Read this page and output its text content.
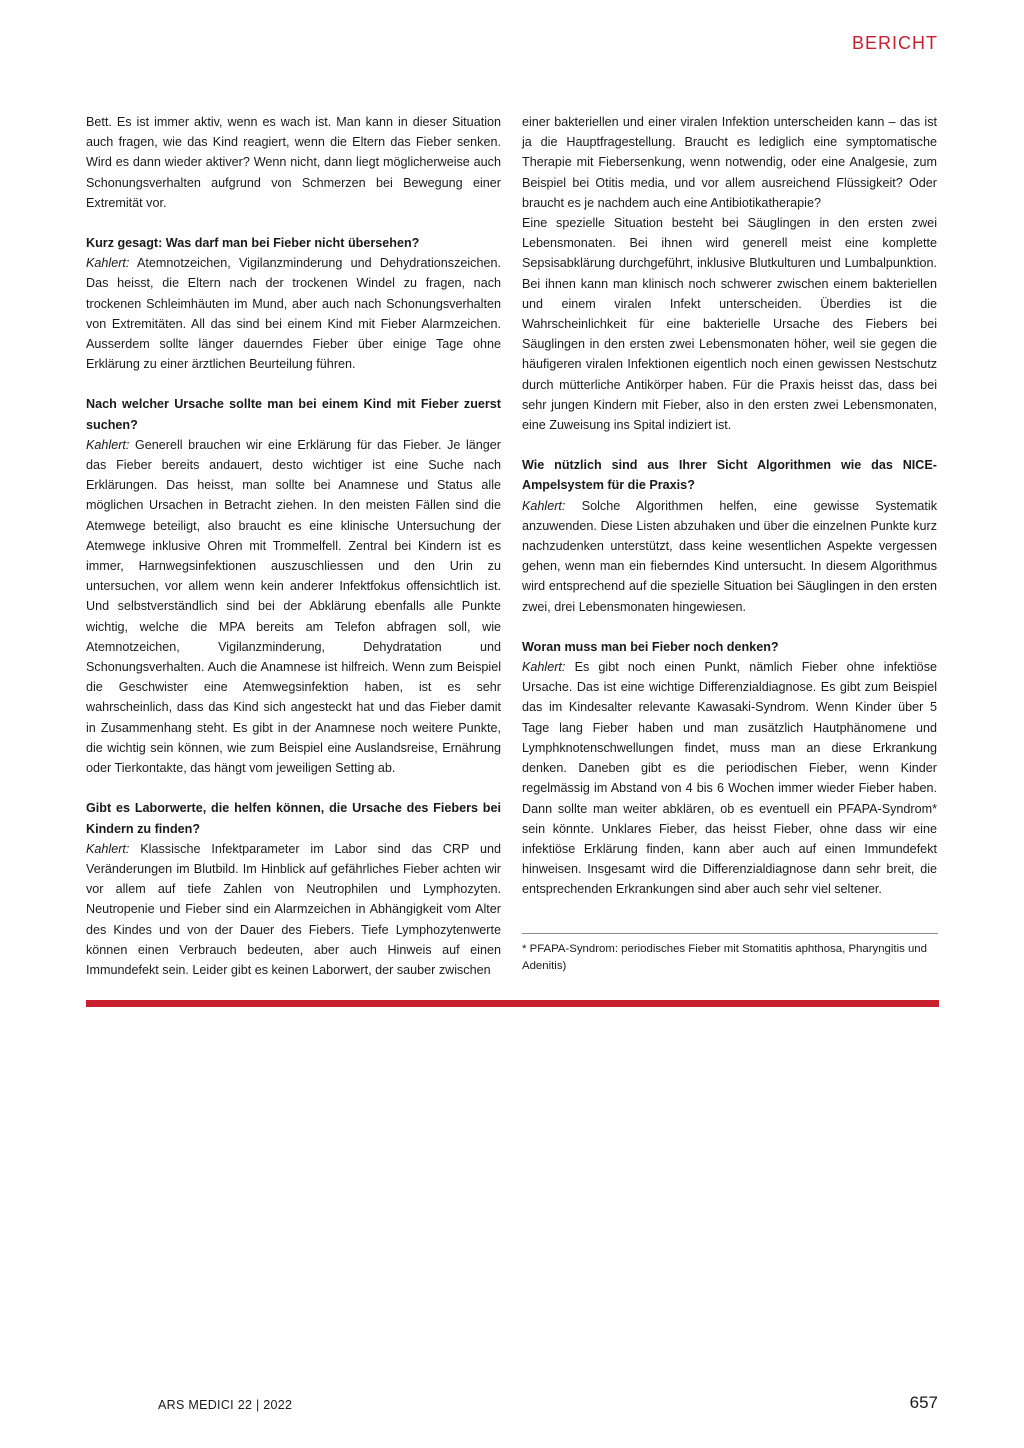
BERICHT

Bett. Es ist immer aktiv, wenn es wach ist. Man kann in dieser Situation auch fragen, wie das Kind reagiert, wenn die Eltern das Fieber senken. Wird es dann wieder aktiver? Wenn nicht, dann liegt möglicherweise auch Schonungsverhalten aufgrund von Schmerzen bei Bewegung einer Extremität vor.

Kurz gesagt: Was darf man bei Fieber nicht übersehen?

Kahlert: Atemnotzeichen, Vigilanzminderung und Dehydrationszeichen. Das heisst, die Eltern nach der trockenen Windel zu fragen, nach trockenen Schleimhäuten im Mund, aber auch nach Schonungsverhalten von Extremitäten. All das sind bei einem Kind mit Fieber Alarmzeichen. Ausserdem sollte länger dauerndes Fieber über einige Tage ohne Erklärung zu einer ärztlichen Beurteilung führen.

Nach welcher Ursache sollte man bei einem Kind mit Fieber zuerst suchen?

Kahlert: Generell brauchen wir eine Erklärung für das Fieber. Je länger das Fieber bereits andauert, desto wichtiger ist eine Suche nach Erklärungen. Das heisst, man sollte bei Anamnese und Status alle möglichen Ursachen in Betracht ziehen. In den meisten Fällen sind die Atemwege beteiligt, also braucht es eine klinische Untersuchung der Atemwege inklusive Ohren mit Trommelfell. Zentral bei Kindern ist es immer, Harnwegsinfektionen auszuschliessen und den Urin zu untersuchen, vor allem wenn kein anderer Infektfokus offensichtlich ist. Und selbstverständlich sind bei der Abklärung ebenfalls alle Punkte wichtig, welche die MPA bereits am Telefon abfragen soll, wie Atemnotzeichen, Vigilanzminderung, Dehydratation und Schonungsverhalten. Auch die Anamnese ist hilfreich. Wenn zum Beispiel die Geschwister eine Atemwegsinfektion haben, ist es sehr wahrscheinlich, dass das Kind sich angesteckt hat und das Fieber damit in Zusammenhang steht. Es gibt in der Anamnese noch weitere Punkte, die wichtig sein können, wie zum Beispiel eine Auslandsreise, Ernährung oder Tierkontakte, das hängt vom jeweiligen Setting ab.

Gibt es Laborwerte, die helfen können, die Ursache des Fiebers bei Kindern zu finden?

Kahlert: Klassische Infektparameter im Labor sind das CRP und Veränderungen im Blutbild. Im Hinblick auf gefährliches Fieber achten wir vor allem auf tiefe Zahlen von Neutrophilen und Lymphozyten. Neutropenie und Fieber sind ein Alarmzeichen in Abhängigkeit vom Alter des Kindes und von der Dauer des Fiebers. Tiefe Lymphozytenwerte können einen Verbrauch bedeuten, aber auch Hinweis auf einen Immundefekt sein. Leider gibt es keinen Laborwert, der sauber zwischen

einer bakteriellen und einer viralen Infektion unterscheiden kann – das ist ja die Hauptfragestellung. Braucht es lediglich eine symptomatische Therapie mit Fiebersenkung, wenn notwendig, oder eine Analgesie, zum Beispiel bei Otitis media, und vor allem ausreichend Flüssigkeit? Oder braucht es je nachdem auch eine Antibiotikatherapie?

Eine spezielle Situation besteht bei Säuglingen in den ersten zwei Lebensmonaten. Bei ihnen wird generell meist eine komplette Sepsisabklärung durchgeführt, inklusive Blutkulturen und Lumbalpunktion. Bei ihnen kann man klinisch noch schwerer zwischen einem bakteriellen und einem viralen Infekt unterscheiden. Überdies ist die Wahrscheinlichkeit für eine bakterielle Ursache des Fiebers bei Säuglingen in den ersten zwei Lebensmonaten höher, weil sie gegen die häufigeren viralen Infektionen eigentlich noch einen gewissen Nestschutz durch mütterliche Antikörper haben. Für die Praxis heisst das, dass bei sehr jungen Kindern mit Fieber, also in den ersten zwei Lebensmonaten, eine Zuweisung ins Spital indiziert ist.

Wie nützlich sind aus Ihrer Sicht Algorithmen wie das NICE-Ampelsystem für die Praxis?

Kahlert: Solche Algorithmen helfen, eine gewisse Systematik anzuwenden. Diese Listen abzuhaken und über die einzelnen Punkte kurz nachzudenken unterstützt, dass keine wesentlichen Aspekte vergessen gehen, wenn man ein fieberndes Kind untersucht. In diesem Algorithmus wird entsprechend auf die spezielle Situation bei Säuglingen in den ersten zwei, drei Lebensmonaten hingewiesen.

Woran muss man bei Fieber noch denken?

Kahlert: Es gibt noch einen Punkt, nämlich Fieber ohne infektiöse Ursache. Das ist eine wichtige Differenzialdiagnose. Es gibt zum Beispiel das im Kindesalter relevante Kawasaki-Syndrom. Wenn Kinder über 5 Tage lang Fieber haben und man zusätzlich Hautphänomene und Lymphknotenschwellungen findet, muss man an diese Erkrankung denken. Daneben gibt es die periodischen Fieber, wenn Kinder regelmässig im Abstand von 4 bis 6 Wochen immer wieder Fieber haben. Dann sollte man weiter abklären, ob es eventuell ein PFAPA-Syndrom* sein könnte. Unklares Fieber, das heisst Fieber, ohne dass wir eine infektiöse Erklärung finden, kann aber auch auf einen Immundefekt hinweisen. Insgesamt wird die Differenzialdiagnose dann sehr breit, die entsprechenden Erkrankungen sind aber auch sehr viel seltener.

* PFAPA-Syndrom: periodisches Fieber mit Stomatitis aphthosa, Pharyngitis und Adenitis)
ARS MEDICI 22 | 2022	657
